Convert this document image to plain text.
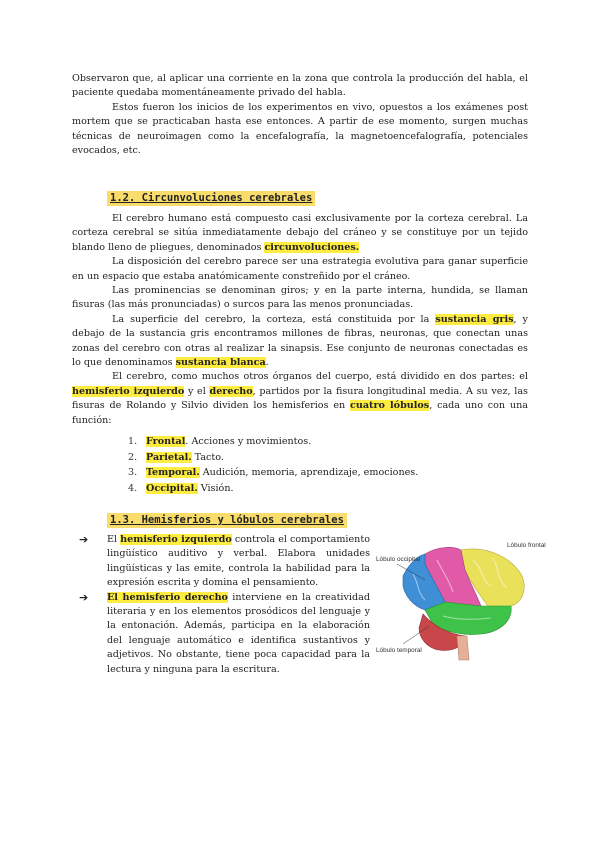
Observaron que, al aplicar una corriente en la zona que controla la producción del habla, el paciente quedaba momentáneamente privado del habla.

Estos fueron los inicios de los experimentos en vivo, opuestos a los exámenes post mortem que se practicaban hasta ese entonces. A partir de ese momento, surgen muchas técnicas de neuroimagen como la encefalografía, la magnetoencefalografía, potenciales evocados, etc.

1.2. Circunvoluciones cerebrales

El cerebro humano está compuesto casi exclusivamente por la corteza cerebral. La corteza cerebral se sitúa inmediatamente debajo del cráneo y se constituye por un tejido blando lleno de pliegues, denominados circunvoluciones.

La disposición del cerebro parece ser una estrategia evolutiva para ganar superficie en un espacio que estaba anatómicamente constreñido por el cráneo.

Las prominencias se denominan giros; y en la parte interna, hundida, se llaman fisuras (las más pronunciadas) o surcos para las menos pronunciadas.

La superficie del cerebro, la corteza, está constituida por la sustancia gris, y debajo de la sustancia gris encontramos millones de fibras, neuronas, que conectan unas zonas del cerebro con otras al realizar la sinapsis. Ese conjunto de neuronas conectadas es lo que denominamos sustancia blanca.

El cerebro, como muchos otros órganos del cuerpo, está dividido en dos partes: el hemisferio izquierdo y el derecho, partidos por la fisura longitudinal media. A su vez, las fisuras de Rolando y Silvio dividen los hemisferios en cuatro lóbulos, cada uno con una función:

1. Frontal. Acciones y movimientos.
2. Parietal. Tacto.
3. Temporal. Audición, memoria, aprendizaje, emociones.
4. Occipital. Visión.
1.3. Hemisferios y lóbulos cerebrales
➔ El hemisferio izquierdo controla el comportamiento lingüístico auditivo y verbal. Elabora unidades lingüísticas y las emite, controla la habilidad para la expresión escrita y domina el pensamiento.
➔ El hemisferio derecho interviene en la creatividad literaria y en los elementos prosódicos del lenguaje y la entonación. Además, participa en la elaboración del lenguaje automático e identifica sustantivos y adjetivos. No obstante, tiene poca capacidad para la lectura y ninguna para la escritura.
Lóbulo frontal
Lóbulo occipital
Lóbulo temporal
